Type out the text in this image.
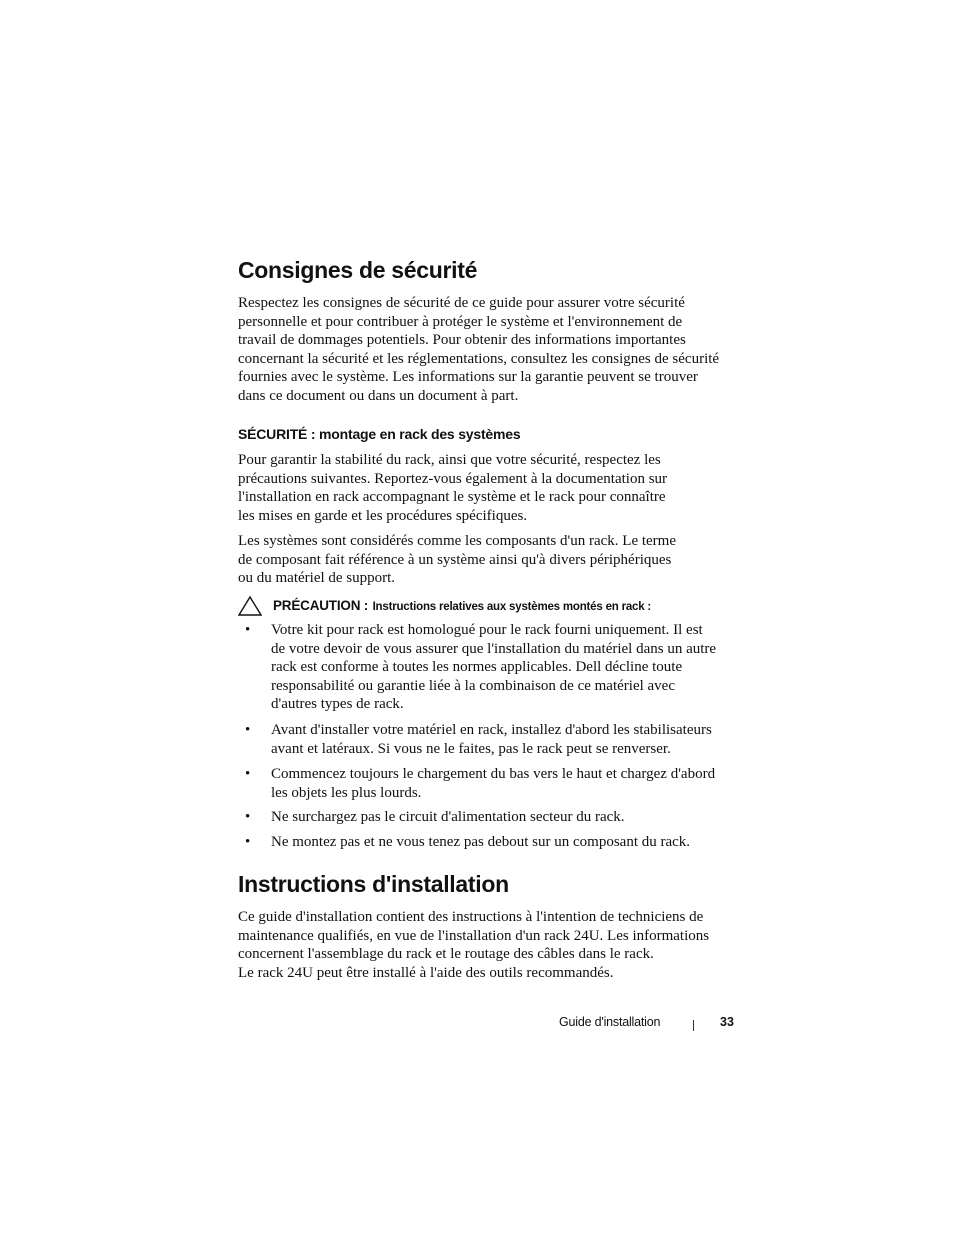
Consignes de sécurité

Respectez les consignes de sécurité de ce guide pour assurer votre sécurité
personnelle et pour contribuer à protéger le système et l'environnement de
travail de dommages potentiels. Pour obtenir des informations importantes
concernant la sécurité et les réglementations, consultez les consignes de sécurité
fournies avec le système. Les informations sur la garantie peuvent se trouver
dans ce document ou dans un document à part.

SÉCURITÉ : montage en rack des systèmes

Pour garantir la stabilité du rack, ainsi que votre sécurité, respectez les
précautions suivantes. Reportez-vous également à la documentation sur
l'installation en rack accompagnant le système et le rack pour connaître
les mises en garde et les procédures spécifiques.

Les systèmes sont considérés comme les composants d'un rack. Le terme
de composant fait référence à un système ainsi qu'à divers périphériques
ou du matériel de support.

PRÉCAUTION : Instructions relatives aux systèmes montés en rack :
• Votre kit pour rack est homologué pour le rack fourni uniquement. Il est
de votre devoir de vous assurer que l'installation du matériel dans un autre
rack est conforme à toutes les normes applicables. Dell décline toute
responsabilité ou garantie liée à la combinaison de ce matériel avec
d'autres types de rack.
• Avant d'installer votre matériel en rack, installez d'abord les stabilisateurs
avant et latéraux. Si vous ne le faites, pas le rack peut se renverser.
• Commencez toujours le chargement du bas vers le haut et chargez d'abord
les objets les plus lourds.
• Ne surchargez pas le circuit d'alimentation secteur du rack.
• Ne montez pas et ne vous tenez pas debout sur un composant du rack.
Instructions d'installation

Ce guide d'installation contient des instructions à l'intention de techniciens de
maintenance qualifiés, en vue de l'installation d'un rack 24U. Les informations
concernent l'assemblage du rack et le routage des câbles dans le rack.
Le rack 24U peut être installé à l'aide des outils recommandés.

Guide d'installation	33
